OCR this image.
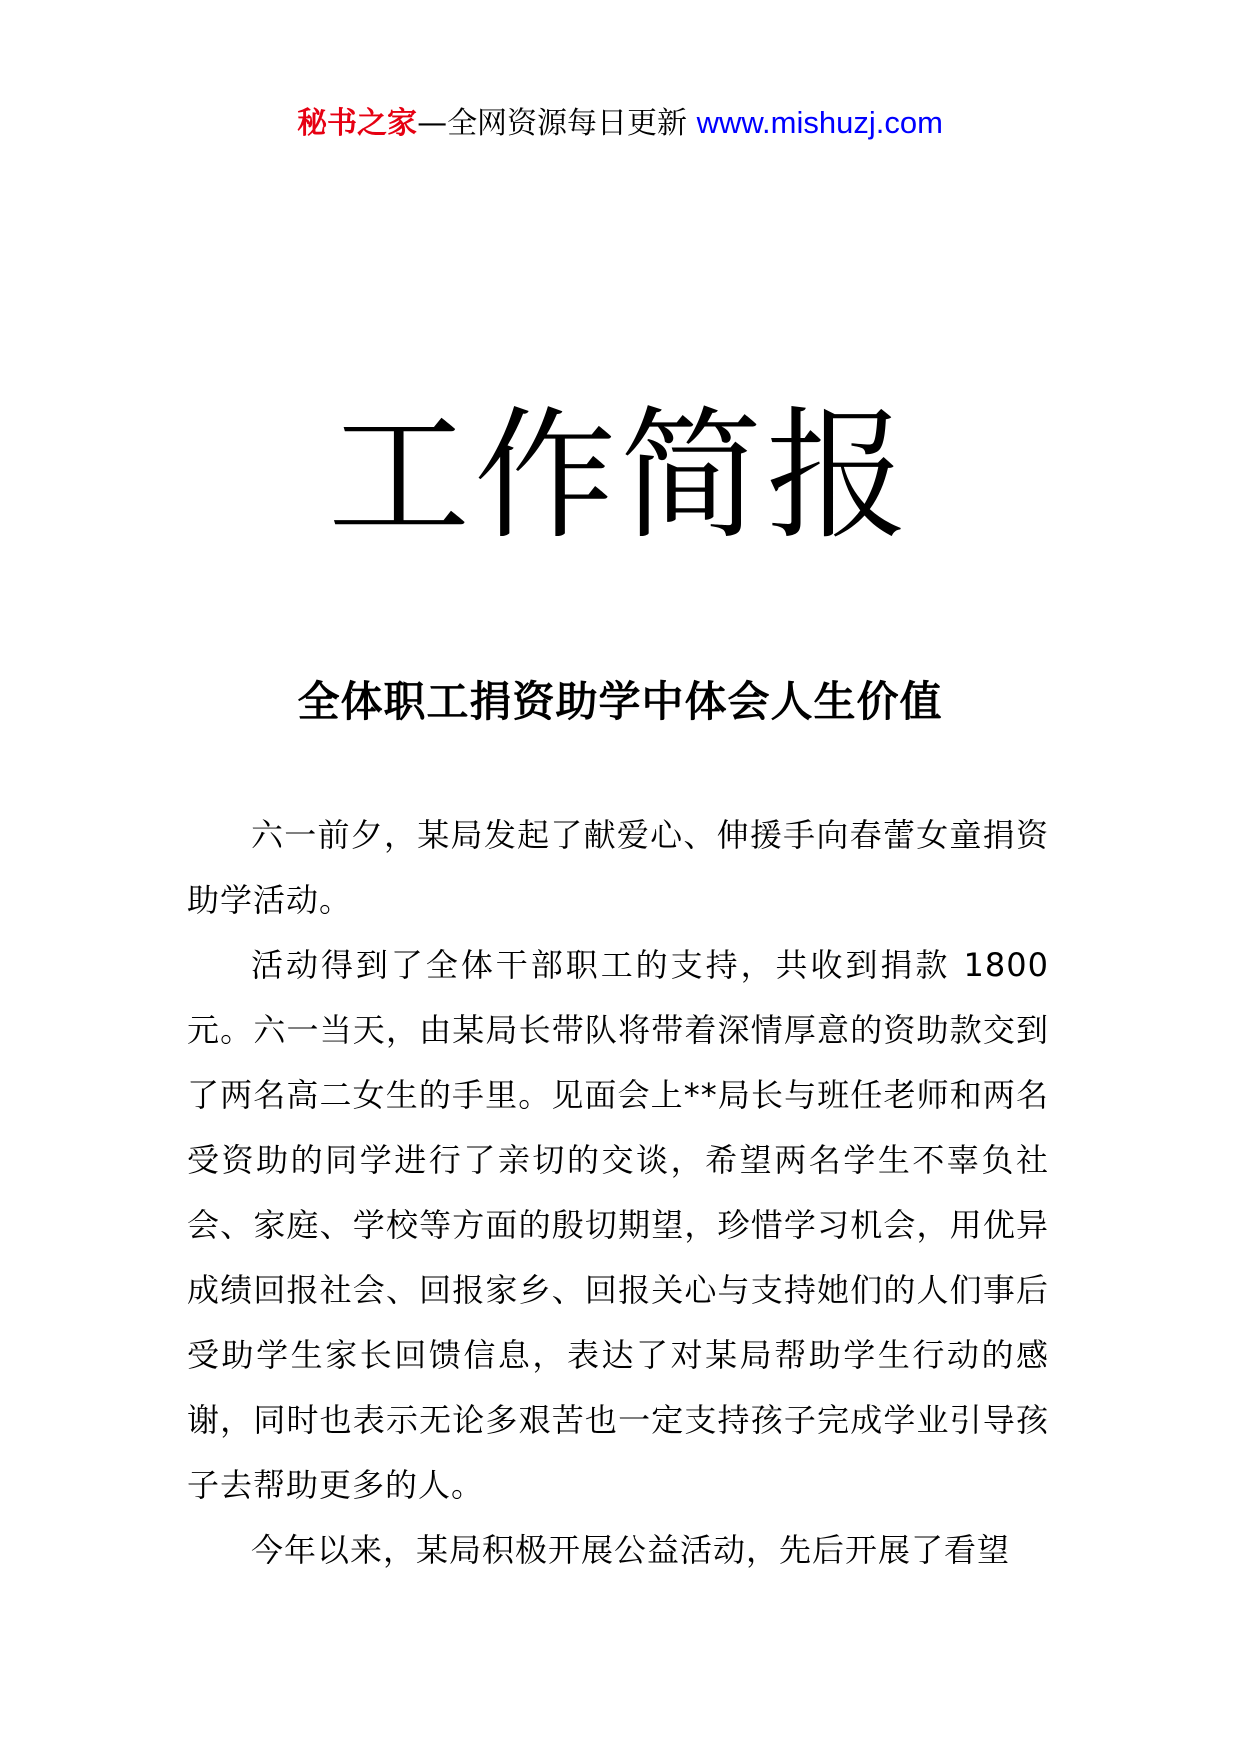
秘书之家—全网资源每日更新 www.mishuzj.com
工作简报
全体职工捐资助学中体会人生价值

六一前夕，某局发起了献爱心、伸援手向春蕾女童捐资助学活动。

活动得到了全体干部职工的支持，共收到捐款 1800 元。六一当天，由某局长带队将带着深情厚意的资助款交到了两名高二女生的手里。见面会上**局长与班任老师和两名受资助的同学进行了亲切的交谈，希望两名学生不辜负社会、家庭、学校等方面的殷切期望，珍惜学习机会，用优异成绩回报社会、回报家乡、回报关心与支持她们的人们事后受助学生家长回馈信息，表达了对某局帮助学生行动的感谢，同时也表示无论多艰苦也一定支持孩子完成学业引导孩子去帮助更多的人。

今年以来，某局积极开展公益活动，先后开展了看望
